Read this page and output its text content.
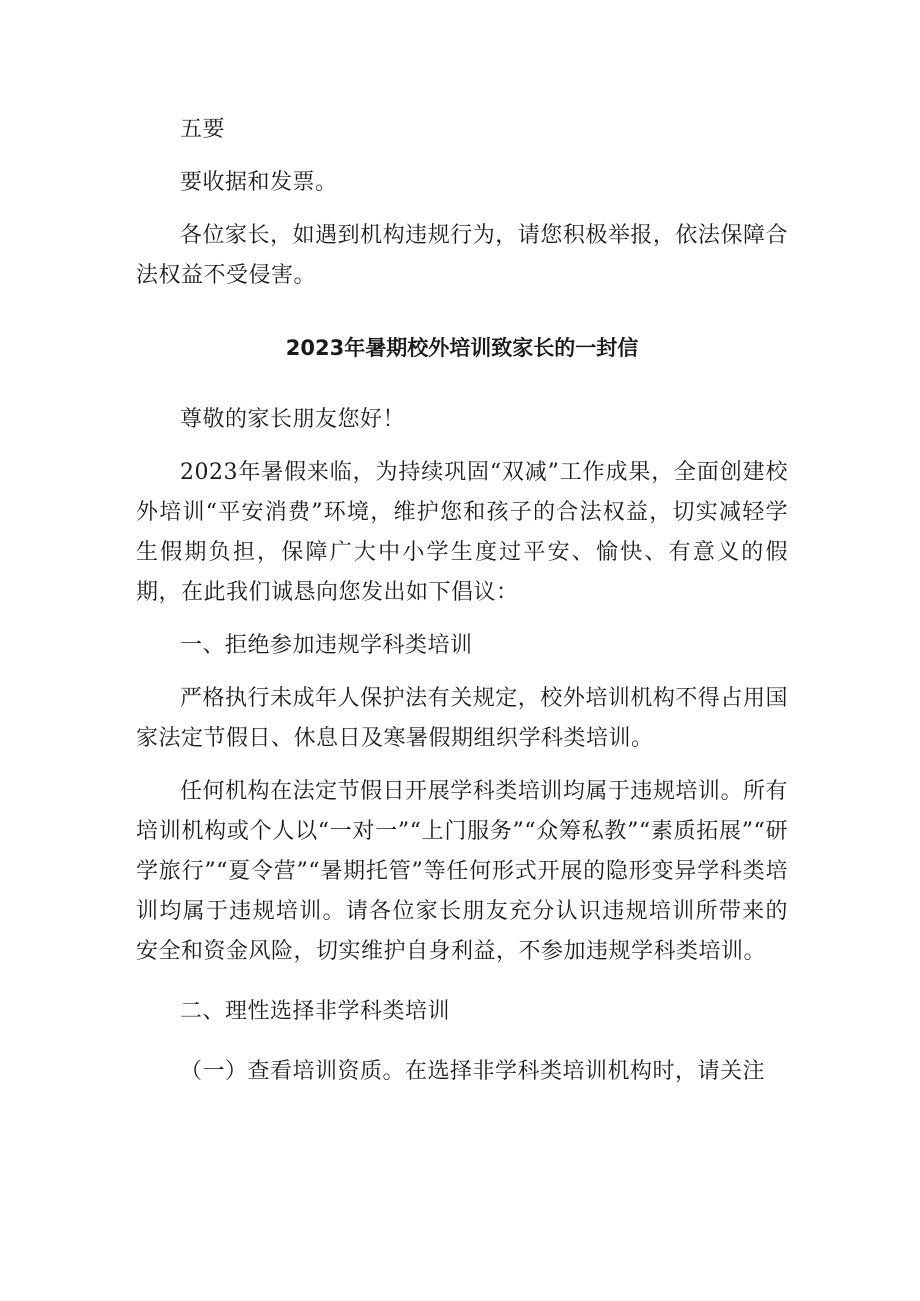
五要

要收据和发票。

各位家长，如遇到机构违规行为，请您积极举报，依法保障合法权益不受侵害。

2023年暑期校外培训致家长的一封信

尊敬的家长朋友您好！

2023年暑假来临，为持续巩固“双减”工作成果，全面创建校外培训“平安消费”环境，维护您和孩子的合法权益，切实减轻学生假期负担，保障广大中小学生度过平安、愉快、有意义的假期，在此我们诚恳向您发出如下倡议：

一、拒绝参加违规学科类培训

严格执行未成年人保护法有关规定，校外培训机构不得占用国家法定节假日、休息日及寒暑假期组织学科类培训。

任何机构在法定节假日开展学科类培训均属于违规培训。所有培训机构或个人以“一对一”“上门服务”“众筹私教”“素质拓展”“研学旅行”“夏令营”“暑期托管”等任何形式开展的隐形变异学科类培训均属于违规培训。请各位家长朋友充分认识违规培训所带来的安全和资金风险，切实维护自身利益，不参加违规学科类培训。

二、理性选择非学科类培训

（一）查看培训资质。在选择非学科类培训机构时，请关注
